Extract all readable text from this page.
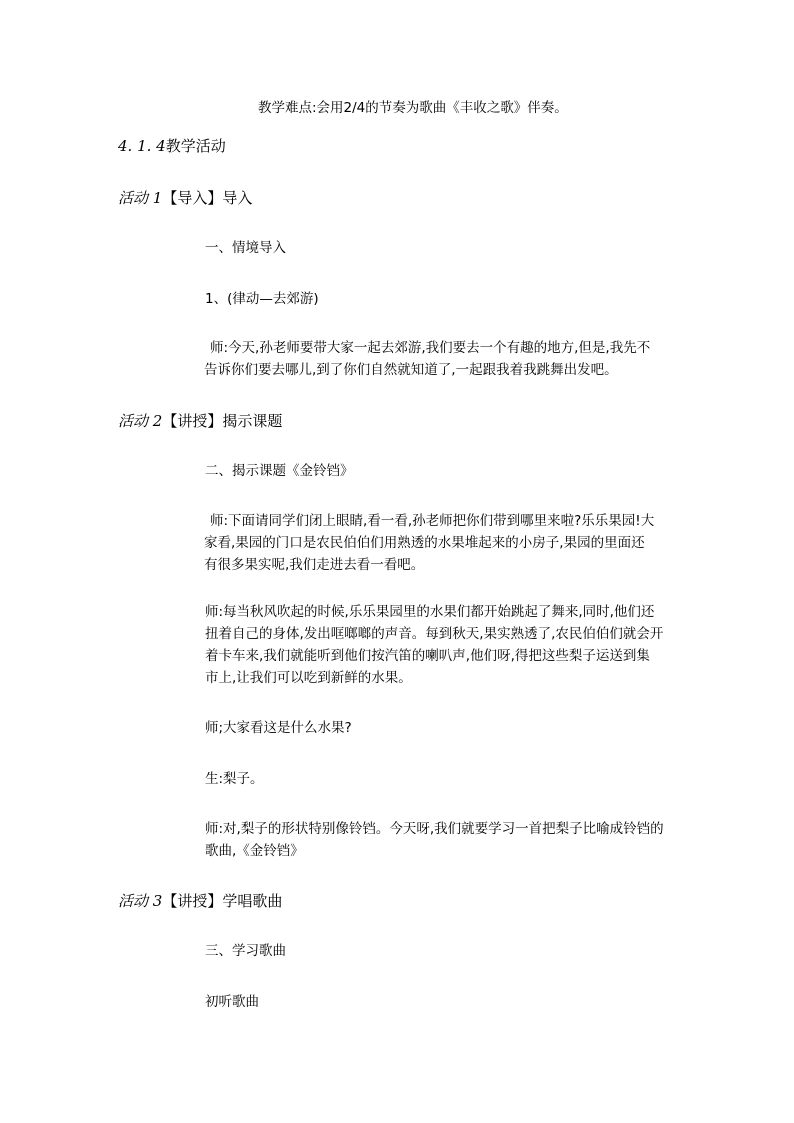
教学难点:会用2/4的节奏为歌曲《丰收之歌》伴奏。
4. 1. 4教学活动
活动 1【导入】导入
一、情境导入
1、(律动—去郊游)
师:今天,孙老师要带大家一起去郊游,我们要去一个有趣的地方,但是,我先不
告诉你们要去哪儿,到了你们自然就知道了,一起跟我着我跳舞出发吧。
活动 2【讲授】揭示课题
二、揭示课题《金铃铛》
师:下面请同学们闭上眼睛,看一看,孙老师把你们带到哪里来啦?乐乐果园!大
家看,果园的门口是农民伯伯们用熟透的水果堆起来的小房子,果园的里面还
有很多果实呢,我们走进去看一看吧。
师:每当秋风吹起的时候,乐乐果园里的水果们都开始跳起了舞来,同时,他们还
扭着自己的身体,发出哐啷啷的声音。每到秋天,果实熟透了,农民伯伯们就会开
着卡车来,我们就能听到他们按汽笛的喇叭声,他们呀,得把这些梨子运送到集
市上,让我们可以吃到新鲜的水果。
师;大家看这是什么水果?
生:梨子。
师:对,梨子的形状特别像铃铛。今天呀,我们就要学习一首把梨子比喻成铃铛的
歌曲,《金铃铛》
活动 3【讲授】学唱歌曲
三、学习歌曲
初听歌曲
